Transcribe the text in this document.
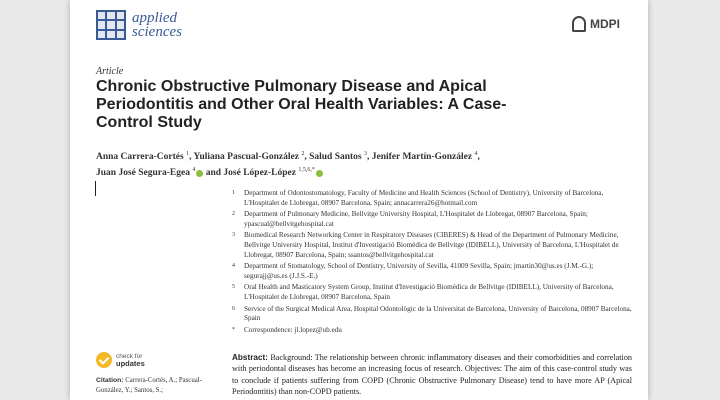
applied
sciences	MDPI
Article
Chronic Obstructive Pulmonary Disease and Apical Periodontitis and Other Oral Health Variables: A Case-Control Study
Anna Carrera-Cortés $^1$, Yuliana Pascual-González $^2$, Salud Santos $^3$, Jenifer Martín-González $^4$,
Juan José Segura-Egea $^4$ and José López-López $^{1,5,6,*}$
1	Department of Odontostomatology, Faculty of Medicine and Health Sciences (School of Dentistry), University of Barcelona, L'Hospitalet de Llobregat, 08907 Barcelona, Spain; annacarrera26@hotmail.com
2	Department of Pulmonary Medicine, Bellvitge University Hospital, L'Hospitalet de Llobregat, 08907 Barcelona, Spain; ypascual@bellvitgehospital.cat
3	Biomedical Research Networking Center in Respiratory Diseases (CIBERES) & Head of the Department of Pulmonary Medicine, Bellvitge University Hospital, Institut d'Investigació Biomèdica de Bellvitge (IDIBELL), University of Barcelona, L'Hospitalet de Llobregat, 08907 Barcelona, Spain; ssantos@bellvitgehospital.cat
4	Department of Stomatology, School of Dentistry, University of Sevilla, 41009 Sevilla, Spain; jmartin30@us.es (J.M.-G.); segurajj@us.es (J.J.S.-E.)
5	Oral Health and Masticatory System Group, Institut d'Investigació Biomèdica de Bellvitge (IDIBELL), University of Barcelona, L'Hospitalet de Llobregat, 08907 Barcelona, Spain
6	Service of the Surgical Medical Area, Hospital Odontològic de la Universitat de Barcelona, University of Barcelona, 08907 Barcelona, Spain
*	Correspondence: jl.lopez@ub.edu
check for
updates
Citation: Carrera-Cortés, A.; Pascual-González, Y.; Santos, S.;
Abstract: Background: The relationship between chronic inflammatory diseases and their comorbidities and correlation with periodontal diseases has become an increasing focus of research. Objectives: The aim of this case-control study was to conclude if patients suffering from COPD (Chronic Obstructive Pulmonary Disease) tend to have more AP (Apical Periodontitis) than non-COPD patients.
